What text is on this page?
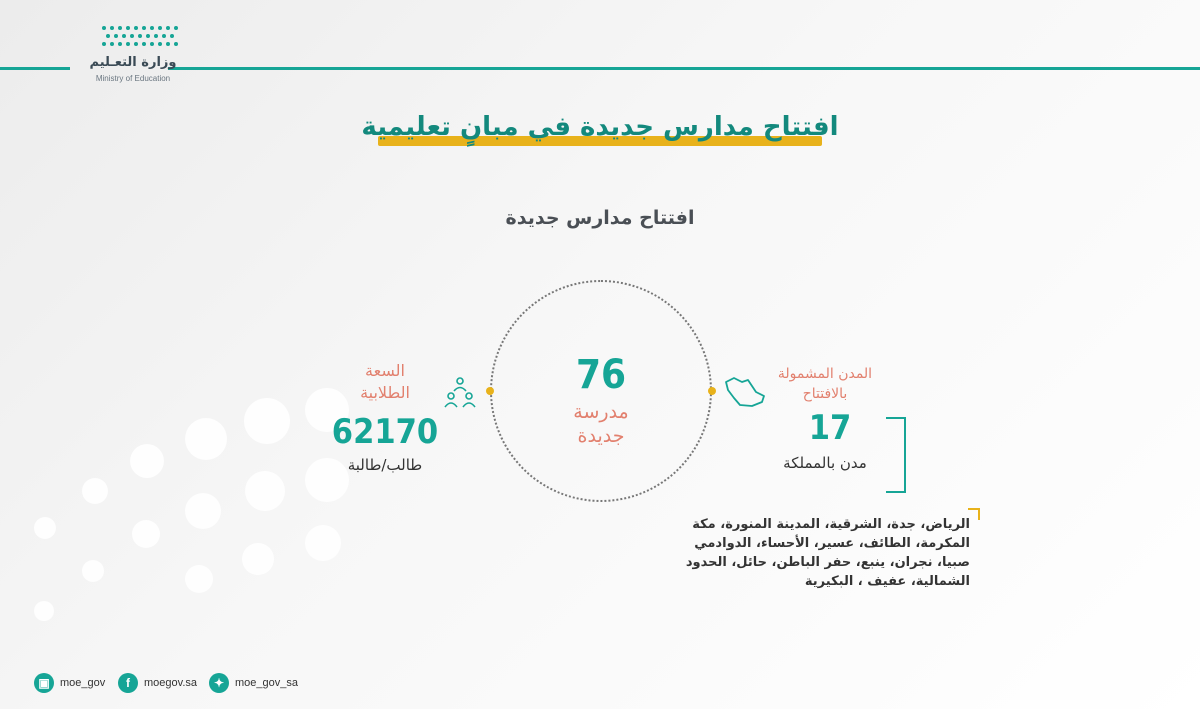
وزارة التعـليم
Ministry of Education
افتتاح مدارس جديدة في مبانٍ تعليمية
افتتاح مدارس جديدة
76
مدرسة
جديدة
السعة
الطلابية
62170
طالب/طالبة
المدن المشمولة
بالافتتاح
17
مدن بالمملكة
الرياض، جدة، الشرقية، المدينة المنورة، مكة
المكرمة، الطائف، عسير، الأحساء، الدوادمي
صبيا، نجران، ينبع، حفر الباطن، حائل، الحدود
الشمالية، عفيف ، البكيرية
▣ moe_gov	f	moegov.sa	✦ moe_gov_sa
